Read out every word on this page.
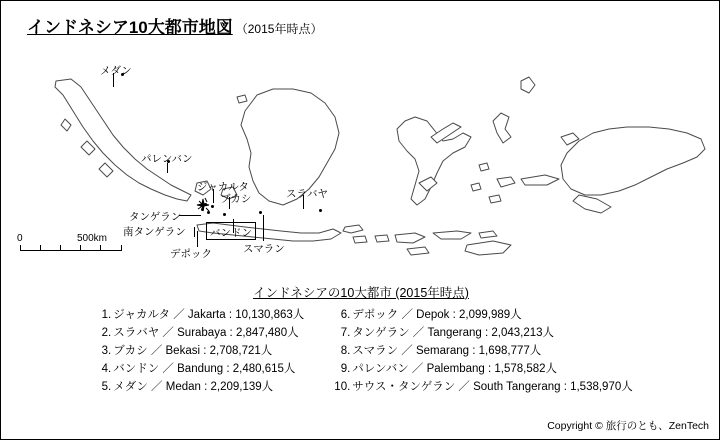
インドネシア10大都市地図 （2015年時点）
メダン
パレンバン
ジャカルタ
ブカシ	スラバヤ
タンゲラン
南タンゲラン バンドン
デポック	スマラン
0	500km
インドネシアの10大都市 (2015年時点)
1. ジャカルタ ／ Jakarta : 10,130,863人
2. スラバヤ ／ Surabaya : 2,847,480人
3. ブカシ ／ Bekasi : 2,708,721人
4. バンドン ／ Bandung : 2,480,615人
5. メダン ／ Medan : 2,209,139人
6. デポック ／ Depok : 2,099,989人
7. タンゲラン ／ Tangerang : 2,043,213人
8. スマラン ／ Semarang : 1,698,777人
9. パレンバン ／ Palembang : 1,578,582人
10. サウス・タンゲラン ／ South Tangerang : 1,538,970人
Copyright © 旅行のとも、ZenTech
